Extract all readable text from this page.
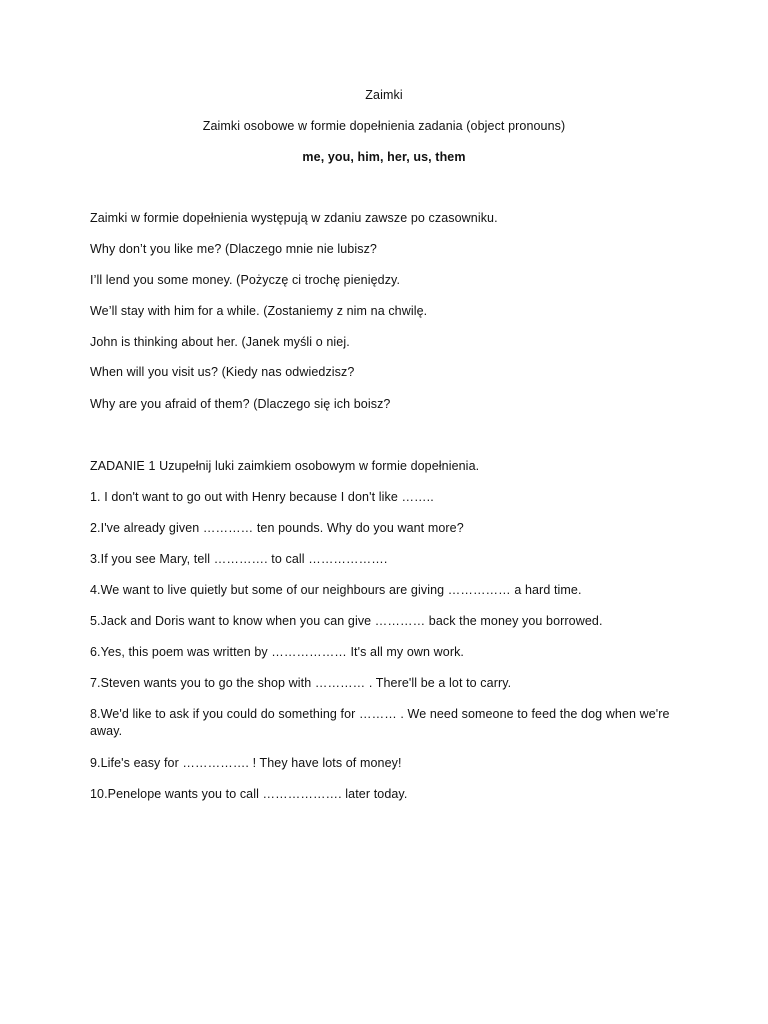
Zaimki
Zaimki osobowe w formie dopełnienia zadania (object pronouns)
me, you, him, her, us, them
Zaimki w formie dopełnienia występują w zdaniu zawsze po czasowniku.
Why don’t you like me? (Dlaczego mnie nie lubisz?
I’ll lend you some money. (Pożyczę ci trochę pieniędzy.
We’ll stay with him for a while. (Zostaniemy z nim na chwilę.
John is thinking about her. (Janek myśli o niej.
When will you visit us? (Kiedy nas odwiedzisz?
Why are you afraid of them? (Dlaczego się ich boisz?
ZADANIE 1 Uzupełnij luki zaimkiem osobowym w formie dopełnienia.
1. I don't want to go out with Henry because I don't like ……..
2.I've already given ………… ten pounds. Why do you want more?
3.If you see Mary, tell …………. to call ……………….
4.We want to live quietly but some of our neighbours are giving …………… a hard time.
5.Jack and Doris want to know when you can give ………… back the money you borrowed.
6.Yes, this poem was written by ……………… It's all my own work.
7.Steven wants you to go the shop with ………… . There'll be a lot to carry.
8.We'd like to ask if you could do something for ……… . We need someone to feed the dog when we're away.
9.Life's easy for ……………. ! They have lots of money!
10.Penelope wants you to call ………………. later today.
